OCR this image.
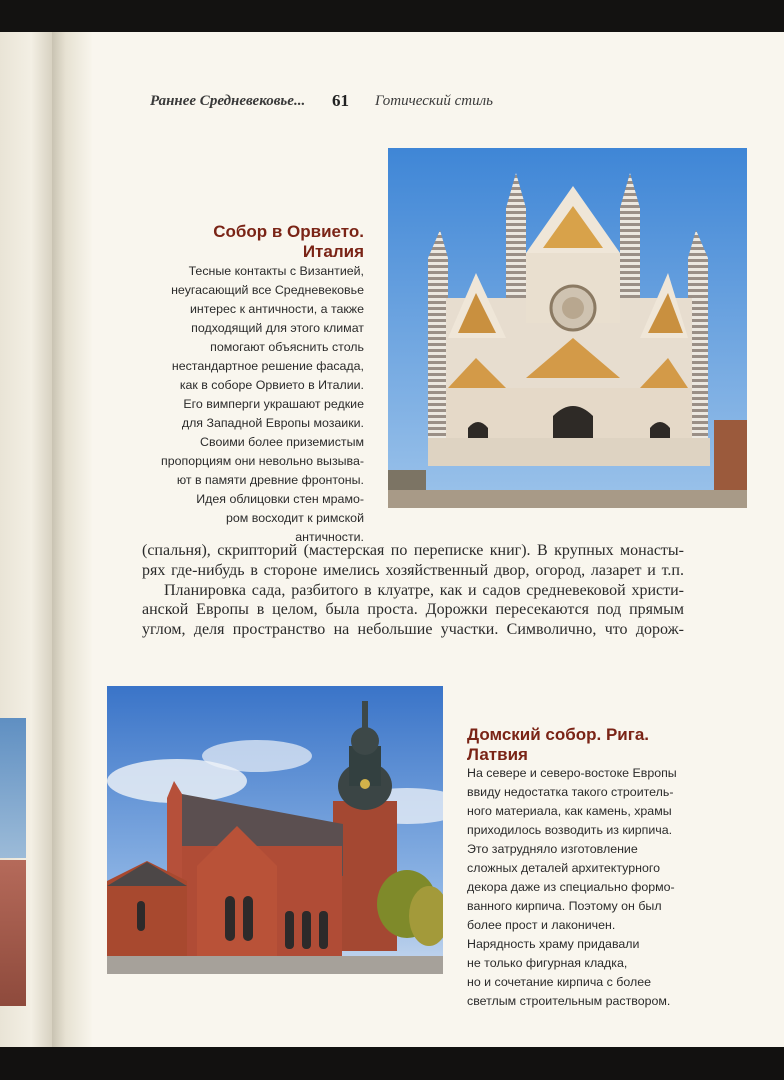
Раннее Средневековье... 61 Готический стиль
Собор в Орвието.
Италия
Тесные контакты с Византией,
неугасающий все Средневековье
интерес к античности, а также
подходящий для этого климат
помогают объяснить столь
нестандартное решение фасада,
как в соборе Орвието в Италии.
Его вимперги украшают редкие
для Западной Европы мозаики.
Своими более приземистым
пропорциям они невольно вызыва-
ют в памяти древние фронтоны.
Идея облицовки стен мрамо-
ром восходит к римской
античности.
(спальня), скрипторий (мастерская по переписке книг). В крупных монасты-
рях где-нибудь в стороне имелись хозяйственный двор, огород, лазарет и т.п.
Планировка сада, разбитого в клуатре, как и садов средневековой христи-
анской Европы в целом, была проста. Дорожки пересекаются под прямым
углом, деля пространство на небольшие участки. Символично, что дорож-
Домский собор. Рига.
Латвия
На севере и северо-востоке Европы
ввиду недостатка такого строитель-
ного материала, как камень, храмы
приходилось возводить из кирпича.
Это затрудняло изготовление
сложных деталей архитектурного
декора даже из специально формо-
ванного кирпича. Поэтому он был
более прост и лаконичен.
Нарядность храму придавали
не только фигурная кладка,
но и сочетание кирпича с более
светлым строительным раствором.
